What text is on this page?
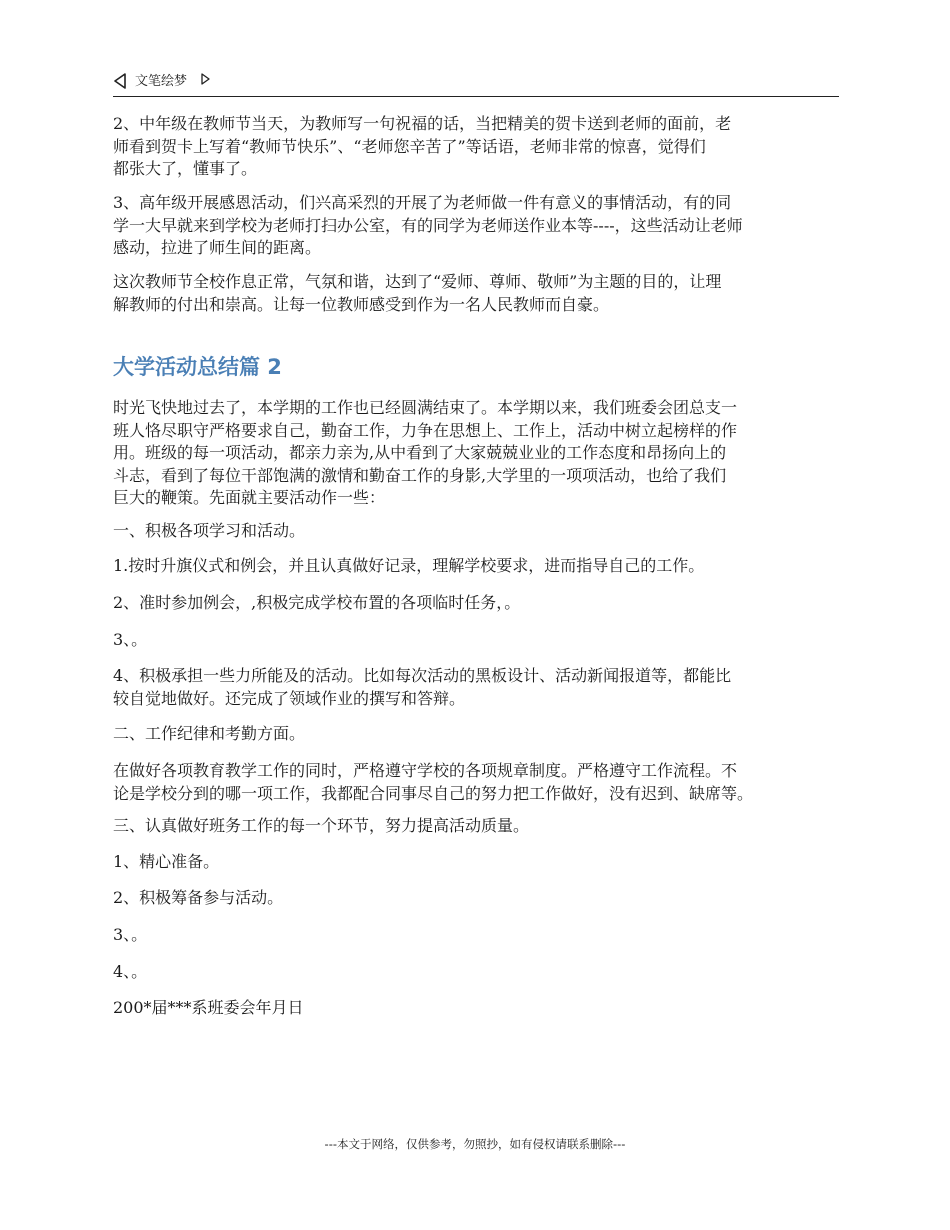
文笔绘梦

2、中年级在教师节当天，为教师写一句祝福的话，当把精美的贺卡送到老师的面前，老
师看到贺卡上写着“教师节快乐”、“老师您辛苦了”等话语，老师非常的惊喜，觉得们
都张大了，懂事了。

3、高年级开展感恩活动，们兴高采烈的开展了为老师做一件有意义的事情活动，有的同
学一大早就来到学校为老师打扫办公室，有的同学为老师送作业本等----，这些活动让老师
感动，拉进了师生间的距离。

这次教师节全校作息正常，气氛和谐，达到了“爱师、尊师、敬师”为主题的目的，让理
解教师的付出和崇高。让每一位教师感受到作为一名人民教师而自豪。

大学活动总结篇 2

时光飞快地过去了，本学期的工作也已经圆满结束了。本学期以来，我们班委会团总支一
班人恪尽职守严格要求自己，勤奋工作，力争在思想上、工作上，活动中树立起榜样的作
用。班级的每一项活动，都亲力亲为,从中看到了大家兢兢业业的工作态度和昂扬向上的
斗志，看到了每位干部饱满的激情和勤奋工作的身影,大学里的一项项活动，也给了我们
巨大的鞭策。先面就主要活动作一些：

一、积极各项学习和活动。

1.按时升旗仪式和例会，并且认真做好记录，理解学校要求，进而指导自己的工作。

2、准时参加例会，,积极完成学校布置的各项临时任务，。

3、。

4、积极承担一些力所能及的活动。比如每次活动的黑板设计、活动新闻报道等，都能比
较自觉地做好。还完成了领域作业的撰写和答辩。

二、工作纪律和考勤方面。

在做好各项教育教学工作的同时，严格遵守学校的各项规章制度。严格遵守工作流程。不
论是学校分到的哪一项工作，我都配合同事尽自己的努力把工作做好，没有迟到、缺席等。

三、认真做好班务工作的每一个环节，努力提高活动质量。

1、精心准备。

2、积极筹备参与活动。

3、。

4、。

200*届***系班委会年月日

---本文于网络，仅供参考，勿照抄，如有侵权请联系删除---
